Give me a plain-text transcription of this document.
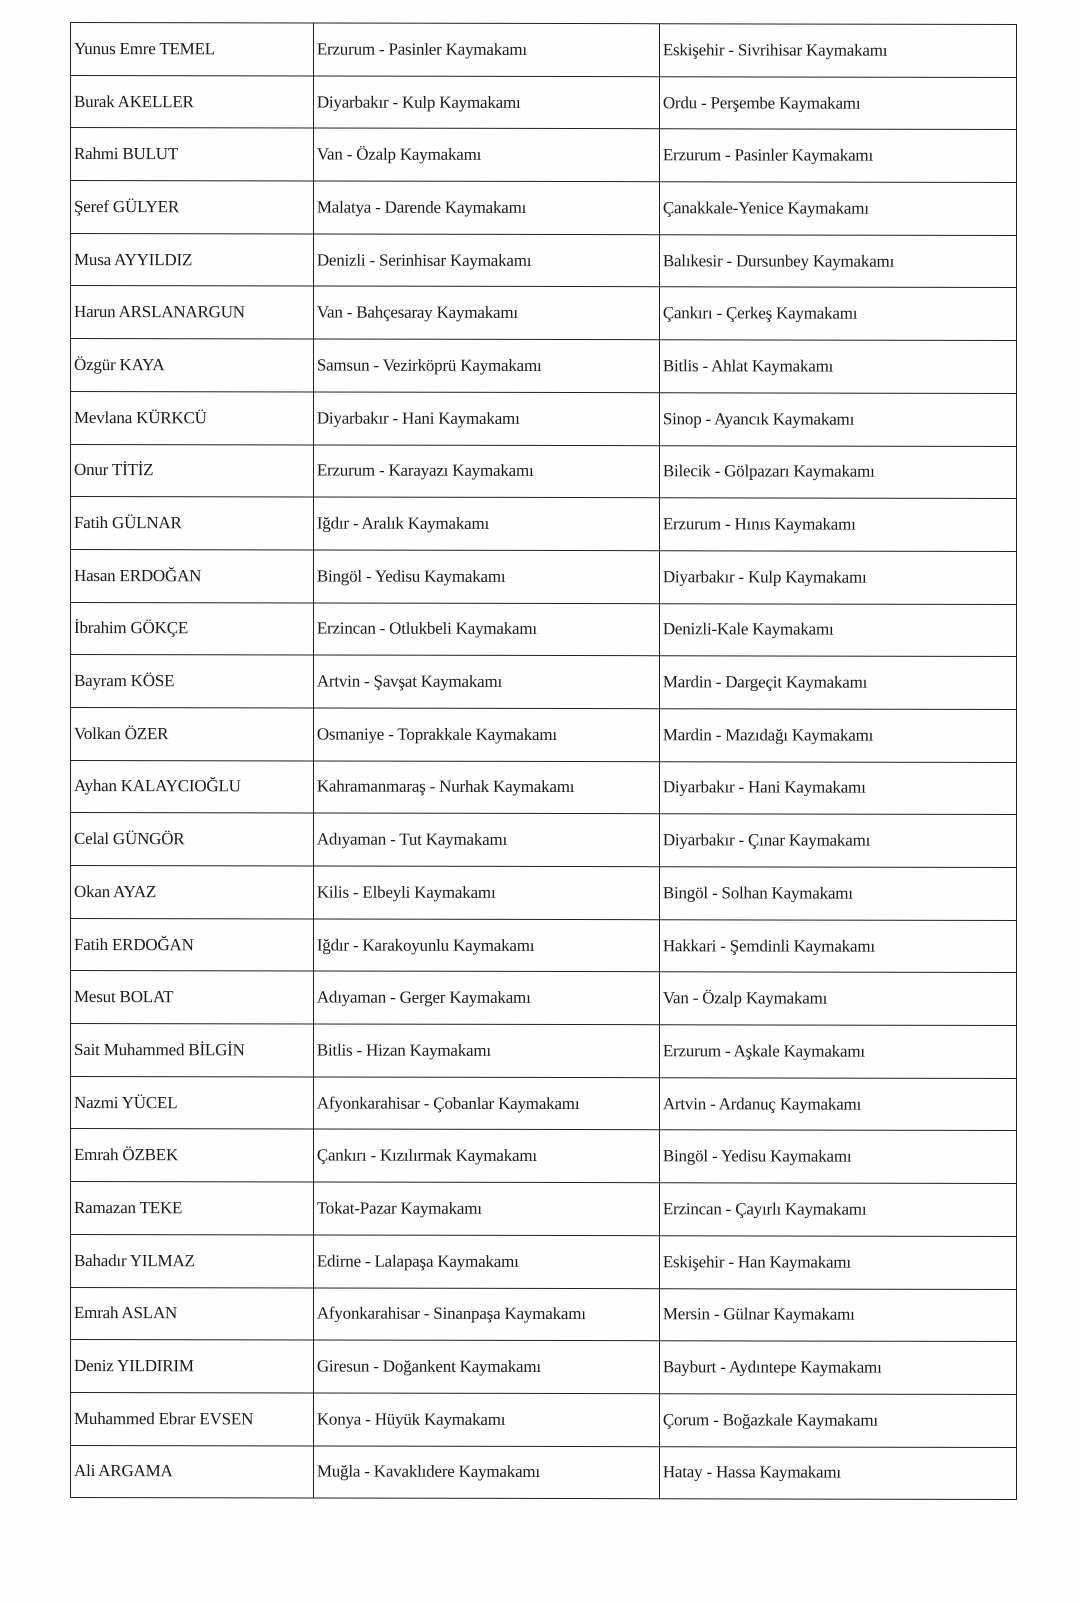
Yunus Emre TEMEL	Erzurum - Pasinler Kaymakamı	Eskişehir - Sivrihisar Kaymakamı
Burak AKELLER	Diyarbakır - Kulp Kaymakamı	Ordu - Perşembe Kaymakamı
Rahmi BULUT	Van - Özalp Kaymakamı	Erzurum - Pasinler Kaymakamı
Şeref GÜLYER	Malatya - Darende Kaymakamı	Çanakkale-Yenice Kaymakamı
Musa AYYILDIZ	Denizli - Serinhisar Kaymakamı	Balıkesir - Dursunbey Kaymakamı
Harun ARSLANARGUN	Van - Bahçesaray Kaymakamı	Çankırı - Çerkeş Kaymakamı
Özgür KAYA	Samsun - Vezirköprü Kaymakamı	Bitlis - Ahlat Kaymakamı
Mevlana KÜRKCÜ	Diyarbakır - Hani Kaymakamı	Sinop - Ayancık Kaymakamı
Onur TİTİZ	Erzurum - Karayazı Kaymakamı	Bilecik - Gölpazarı Kaymakamı
Fatih GÜLNAR	Iğdır - Aralık Kaymakamı	Erzurum - Hınıs Kaymakamı
Hasan ERDOĞAN	Bingöl - Yedisu Kaymakamı	Diyarbakır - Kulp Kaymakamı
İbrahim GÖKÇE	Erzincan - Otlukbeli Kaymakamı	Denizli-Kale Kaymakamı
Bayram KÖSE	Artvin - Şavşat Kaymakamı	Mardin - Dargeçit Kaymakamı
Volkan ÖZER	Osmaniye - Toprakkale Kaymakamı	Mardin - Mazıdağı Kaymakamı
Ayhan KALAYCIOĞLU	Kahramanmaraş - Nurhak Kaymakamı	Diyarbakır - Hani Kaymakamı
Celal GÜNGÖR	Adıyaman - Tut Kaymakamı	Diyarbakır - Çınar Kaymakamı
Okan AYAZ	Kilis - Elbeyli Kaymakamı	Bingöl - Solhan Kaymakamı
Fatih ERDOĞAN	Iğdır - Karakoyunlu Kaymakamı	Hakkari - Şemdinli Kaymakamı
Mesut BOLAT	Adıyaman - Gerger Kaymakamı	Van - Özalp Kaymakamı
Sait Muhammed BİLGİN	Bitlis - Hizan Kaymakamı	Erzurum - Aşkale Kaymakamı
Nazmi YÜCEL	Afyonkarahisar - Çobanlar Kaymakamı	Artvin - Ardanuç Kaymakamı
Emrah ÖZBEK	Çankırı - Kızılırmak Kaymakamı	Bingöl - Yedisu Kaymakamı
Ramazan TEKE	Tokat-Pazar Kaymakamı	Erzincan - Çayırlı Kaymakamı
Bahadır YILMAZ	Edirne - Lalapaşa Kaymakamı	Eskişehir - Han Kaymakamı
Emrah ASLAN	Afyonkarahisar - Sinanpaşa Kaymakamı	Mersin - Gülnar Kaymakamı
Deniz YILDIRIM	Giresun - Doğankent Kaymakamı	Bayburt - Aydıntepe Kaymakamı
Muhammed Ebrar EVSEN	Konya - Hüyük Kaymakamı	Çorum - Boğazkale Kaymakamı
Ali ARGAMA	Muğla - Kavaklıdere Kaymakamı	Hatay - Hassa Kaymakamı
